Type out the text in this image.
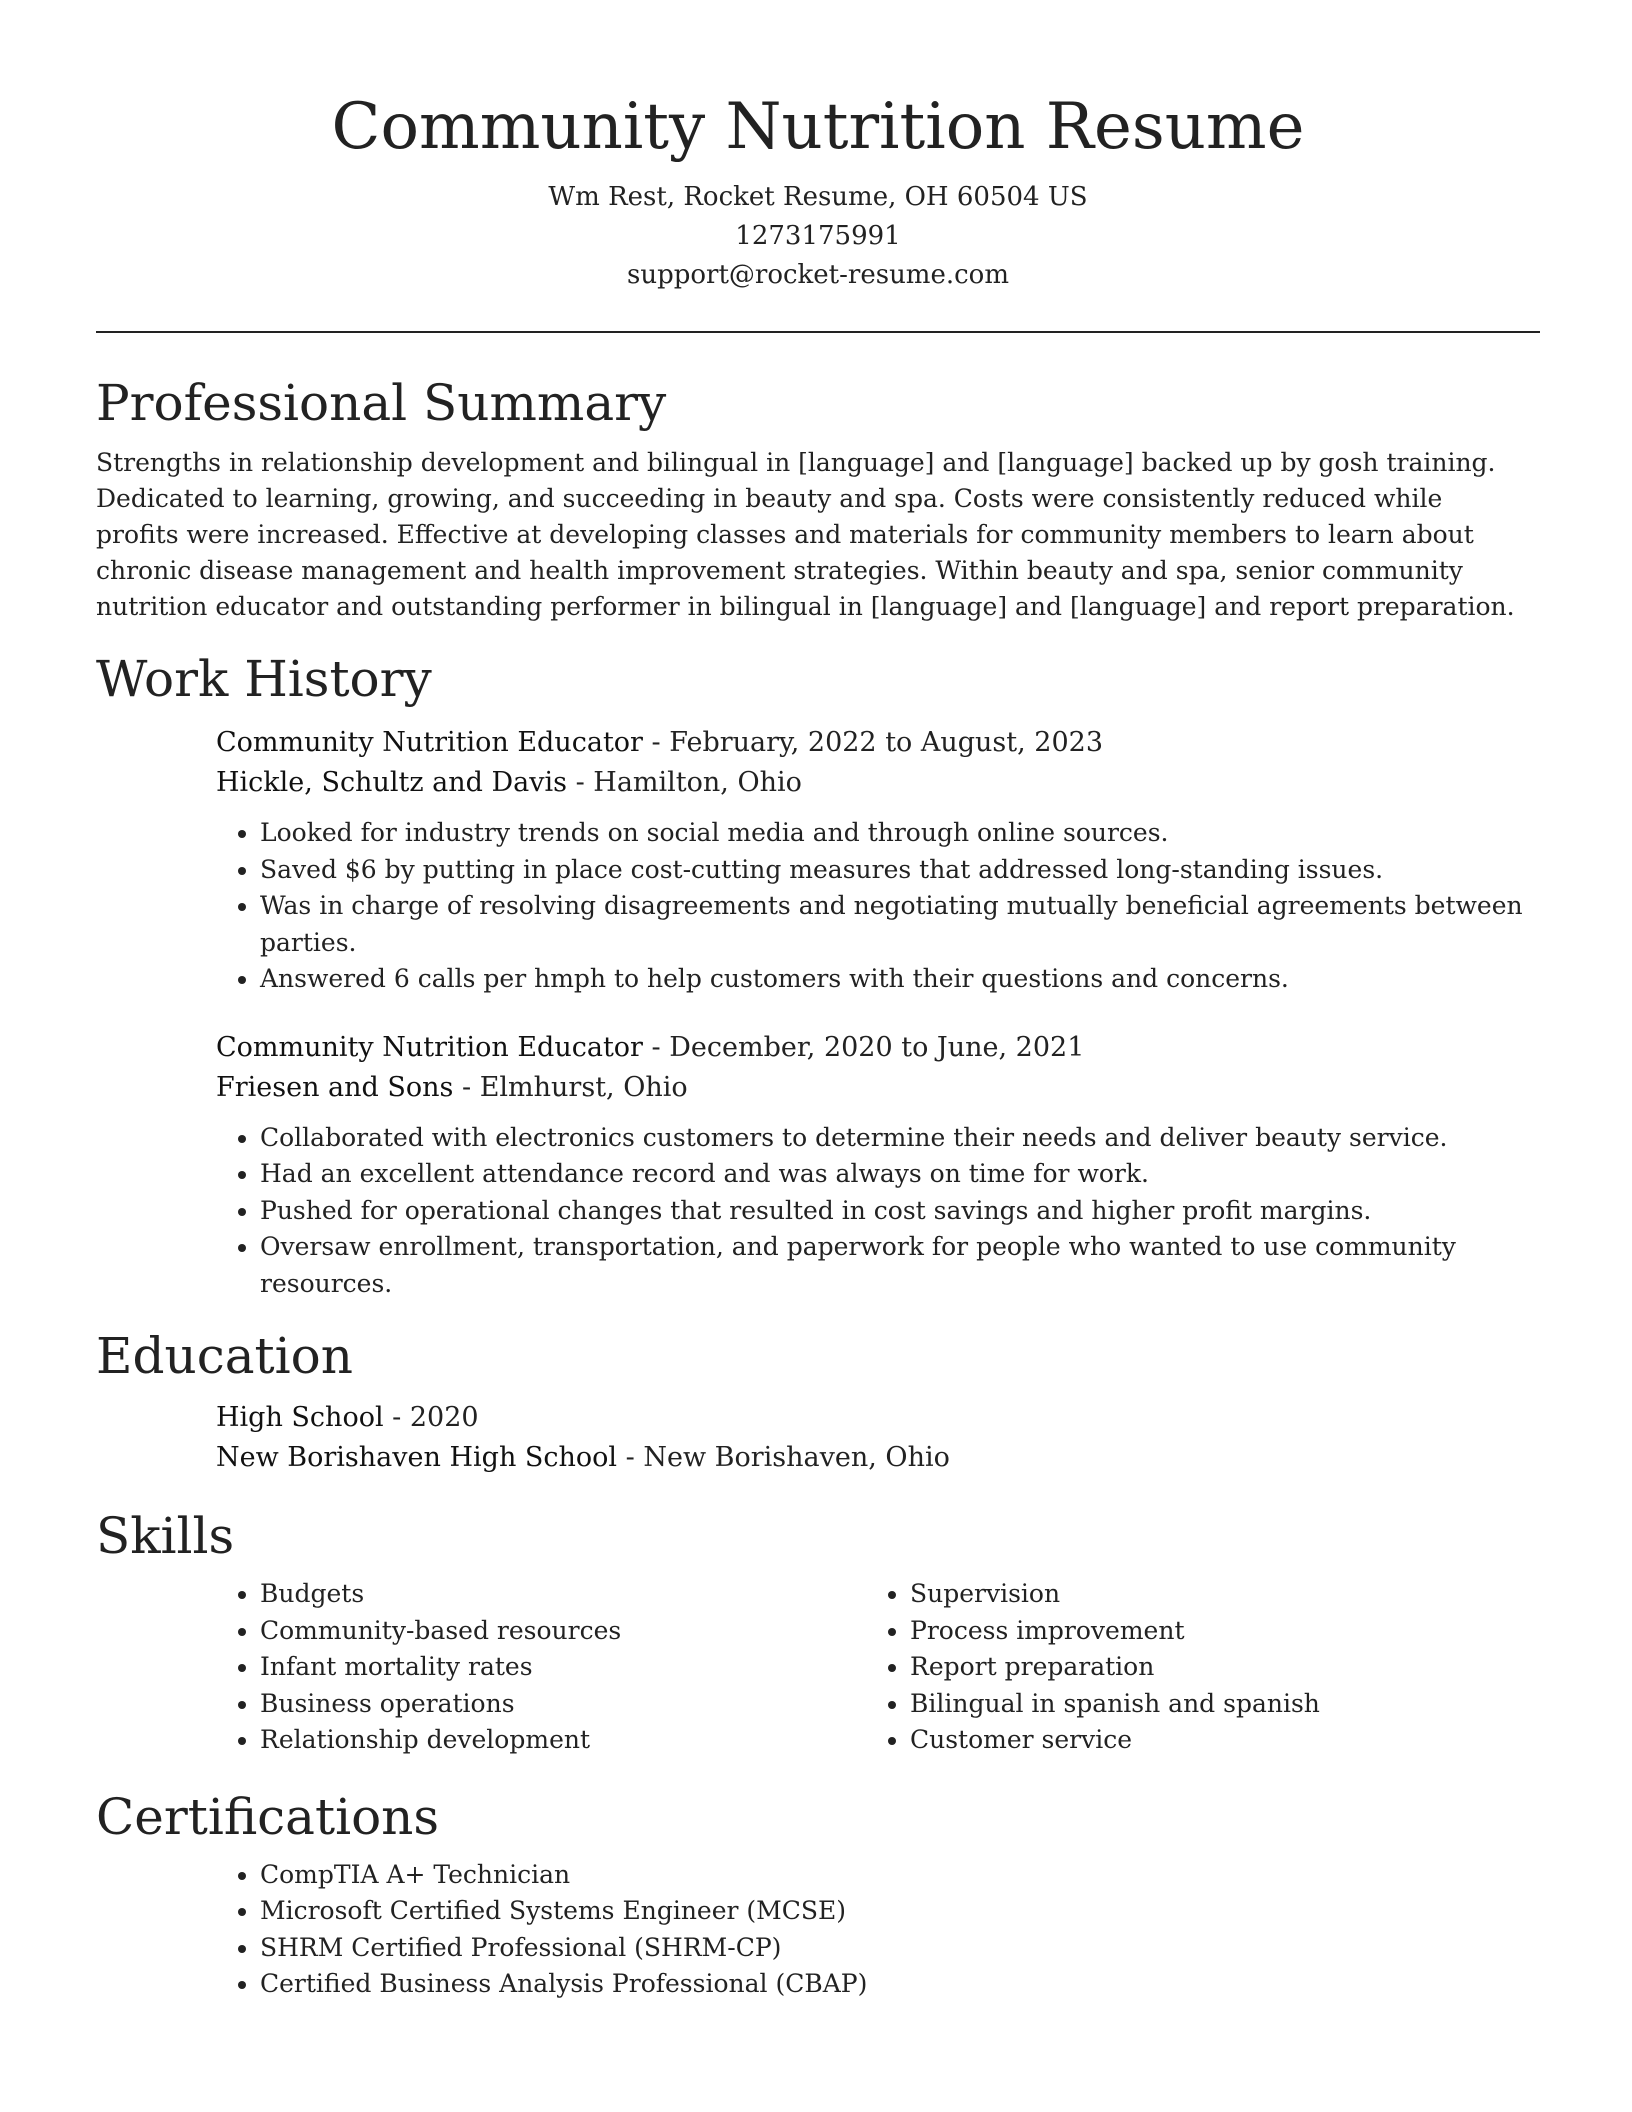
Community Nutrition Resume
Wm Rest, Rocket Resume, OH 60504 US
1273175991
support@rocket-resume.com
Professional Summary

Strengths in relationship development and bilingual in [language] and [language] backed up by gosh training. Dedicated to learning, growing, and succeeding in beauty and spa. Costs were consistently reduced while profits were increased. Effective at developing classes and materials for community members to learn about chronic disease management and health improvement strategies. Within beauty and spa, senior community nutrition educator and outstanding performer in bilingual in [language] and [language] and report preparation.

Work History
Community Nutrition Educator - February, 2022 to August, 2023
Hickle, Schultz and Davis - Hamilton, Ohio
• Looked for industry trends on social media and through online sources.
• Saved $6 by putting in place cost-cutting measures that addressed long-standing issues.
• Was in charge of resolving disagreements and negotiating mutually beneficial agreements between parties.
• Answered 6 calls per hmph to help customers with their questions and concerns.
Community Nutrition Educator - December, 2020 to June, 2021
Friesen and Sons - Elmhurst, Ohio
• Collaborated with electronics customers to determine their needs and deliver beauty service.
• Had an excellent attendance record and was always on time for work.
• Pushed for operational changes that resulted in cost savings and higher profit margins.
• Oversaw enrollment, transportation, and paperwork for people who wanted to use community resources.
Education
High School - 2020
New Borishaven High School - New Borishaven, Ohio
Skills
• Budgets
• Community-based resources
• Infant mortality rates
• Business operations
• Relationship development
• Supervision
• Process improvement
• Report preparation
• Bilingual in spanish and spanish
• Customer service
Certifications
• CompTIA A+ Technician
• Microsoft Certified Systems Engineer (MCSE)
• SHRM Certified Professional (SHRM-CP)
• Certified Business Analysis Professional (CBAP)
